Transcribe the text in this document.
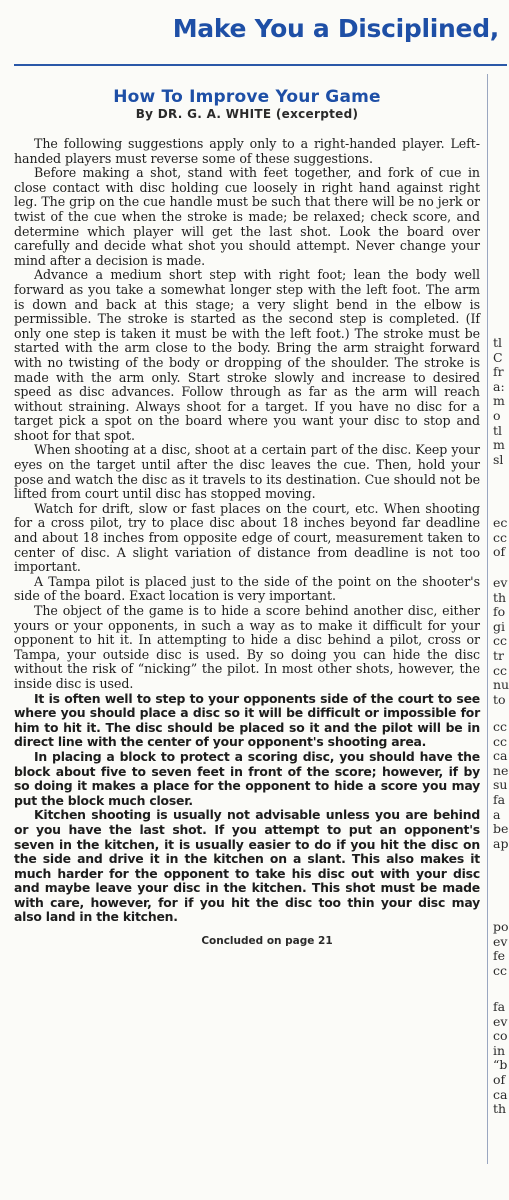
Make You a Disciplined,
How To Improve Your Game
By DR. G. A. WHITE (excerpted)

The following suggestions apply only to a right-handed player. Left-handed players must reverse some of these suggestions.

Before making a shot, stand with feet together, and fork of cue in close contact with disc holding cue loosely in right hand against right leg. The grip on the cue handle must be such that there will be no jerk or twist of the cue when the stroke is made; be relaxed; check score, and determine which player will get the last shot. Look the board over carefully and decide what shot you should attempt. Never change your mind after a decision is made.

Advance a medium short step with right foot; lean the body well forward as you take a somewhat longer step with the left foot. The arm is down and back at this stage; a very slight bend in the elbow is permissible. The stroke is started as the second step is completed. (If only one step is taken it must be with the left foot.) The stroke must be started with the arm close to the body. Bring the arm straight forward with no twisting of the body or dropping of the shoulder. The stroke is made with the arm only. Start stroke slowly and increase to desired speed as disc advances. Follow through as far as the arm will reach without straining. Always shoot for a target. If you have no disc for a target pick a spot on the board where you want your disc to stop and shoot for that spot.

When shooting at a disc, shoot at a certain part of the disc. Keep your eyes on the target until after the disc leaves the cue. Then, hold your pose and watch the disc as it travels to its destination. Cue should not be lifted from court until disc has stopped moving.

Watch for drift, slow or fast places on the court, etc. When shooting for a cross pilot, try to place disc about 18 inches beyond far deadline and about 18 inches from opposite edge of court, measurement taken to center of disc. A slight variation of distance from deadline is not too important.

A Tampa pilot is placed just to the side of the point on the shooter's side of the board. Exact location is very important.

The object of the game is to hide a score behind another disc, either yours or your opponents, in such a way as to make it difficult for your opponent to hit it. In attempting to hide a disc behind a pilot, cross or Tampa, your outside disc is used. By so doing you can hide the disc without the risk of “nicking” the pilot. In most other shots, however, the inside disc is used.

It is often well to step to your opponents side of the court to see where you should place a disc so it will be difficult or impossible for him to hit it. The disc should be placed so it and the pilot will be in direct line with the center of your opponent's shooting area.

In placing a block to protect a scoring disc, you should have the block about five to seven feet in front of the score; however, if by so doing it makes a place for the opponent to hide a score you may put the block much closer.

Kitchen shooting is usually not advisable unless you are behind or you have the last shot. If you attempt to put an opponent's seven in the kitchen, it is usually easier to do if you hit the disc on the side and drive it in the kitchen on a slant. This also makes it much harder for the opponent to take his disc out with your disc and maybe leave your disc in the kitchen. This shot must be made with care, however, for if you hit the disc too thin your disc may also land in the kitchen.

Concluded on page 21
tl
C
fr
a:
m
o
tl
m
sl
ec
cc
of
ev
th
fo
gi
cc
tr
cc
nu
to
cc
cc
ca
ne
su
fa
a
be
ap
po
ev
fe
cc
fa
ev
co
in
“b
of
ca
th
